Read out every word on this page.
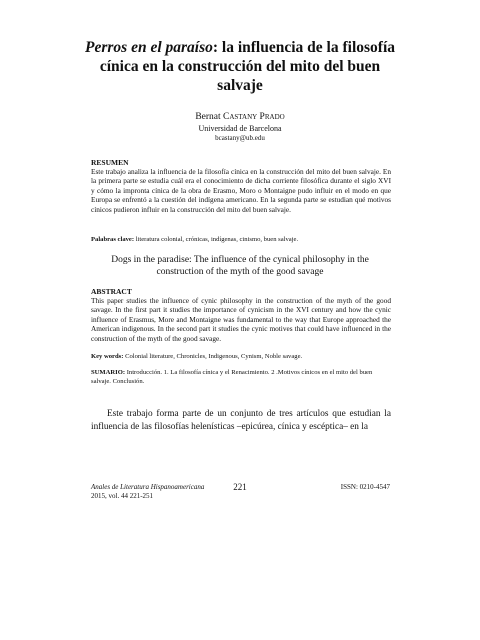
Perros en el paraíso: la influencia de la filosofía cínica en la construcción del mito del buen salvaje
Bernat Castany Prado
Universidad de Barcelona
bcastany@ub.edu
RESUMEN

Este trabajo analiza la influencia de la filosofía cínica en la construcción del mito del buen salvaje. En la primera parte se estudia cuál era el conocimiento de dicha corriente filosófica durante el siglo XVI y cómo la impronta cínica de la obra de Erasmo, Moro o Montaigne pudo influir en el modo en que Europa se enfrentó a la cuestión del indígena americano. En la segunda parte se estudian qué motivos cínicos pudieron influir en la construcción del mito del buen salvaje.

Palabras clave: literatura colonial, crónicas, indígenas, cinismo, buen salvaje.

Dogs in the paradise: The influence of the cynical philosophy in the construction of the myth of the good savage
ABSTRACT

This paper studies the influence of cynic philosophy in the construction of the myth of the good savage. In the first part it studies the importance of cynicism in the XVI century and how the cynic influence of Erasmus, More and Montaigne was fundamental to the way that Europe approached the American indigenous. In the second part it studies the cynic motives that could have influenced in the construction of the myth of the good savage.

Key words: Colonial literature, Chronicles, Indigenous, Cynism, Noble savage.

SUMARIO: Introducción. 1. La filosofía cínica y el Renacimiento. 2 .Motivos cínicos en el mito del buen salvaje. Conclusión.

Este trabajo forma parte de un conjunto de tres artículos que estudian la influencia de las filosofías helenísticas –epicúrea, cínica y escéptica– en la

Anales de Literatura Hispanoamericana
2015, vol. 44 221-251
221	ISSN: 0210-4547
